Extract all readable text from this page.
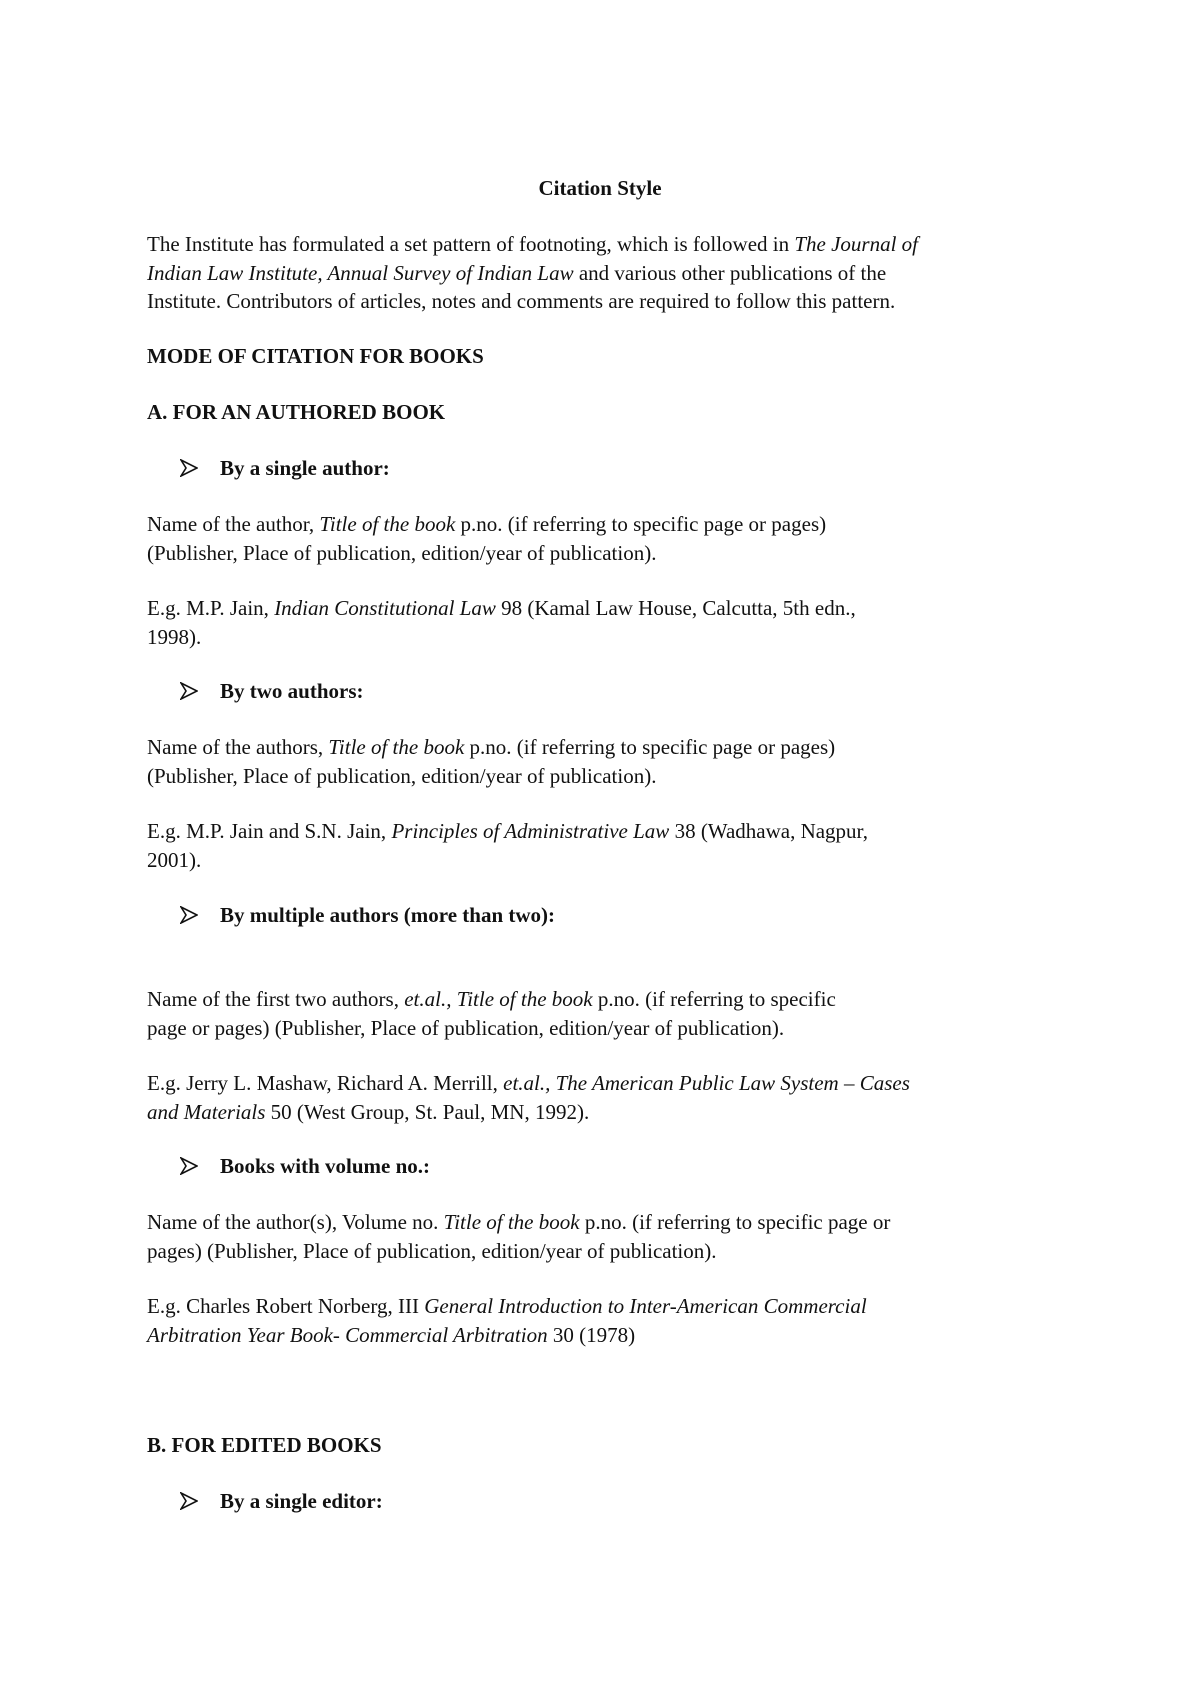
Citation Style
The Institute has formulated a set pattern of footnoting, which is followed in The Journal of
Indian Law Institute, Annual Survey of Indian Law and various other publications of the
Institute. Contributors of articles, notes and comments are required to follow this pattern.
MODE OF CITATION FOR BOOKS
A. FOR AN AUTHORED BOOK
By a single author:
Name of the author, Title of the book p.no. (if referring to specific page or pages)
(Publisher, Place of publication, edition/year of publication).
E.g. M.P. Jain, Indian Constitutional Law 98 (Kamal Law House, Calcutta, 5th edn.,
1998).
By two authors:
Name of the authors, Title of the book p.no. (if referring to specific page or pages)
(Publisher, Place of publication, edition/year of publication).
E.g. M.P. Jain and S.N. Jain, Principles of Administrative Law 38 (Wadhawa, Nagpur,
2001).
By multiple authors (more than two):
Name of the first two authors, et.al., Title of the book p.no. (if referring to specific
page or pages) (Publisher, Place of publication, edition/year of publication).
E.g. Jerry L. Mashaw, Richard A. Merrill, et.al., The American Public Law System – Cases
and Materials 50 (West Group, St. Paul, MN, 1992).
Books with volume no.:
Name of the author(s), Volume no. Title of the book p.no. (if referring to specific page or
pages) (Publisher, Place of publication, edition/year of publication).
E.g. Charles Robert Norberg, III General Introduction to Inter-American Commercial
Arbitration Year Book- Commercial Arbitration 30 (1978)
B. FOR EDITED BOOKS
By a single editor:
